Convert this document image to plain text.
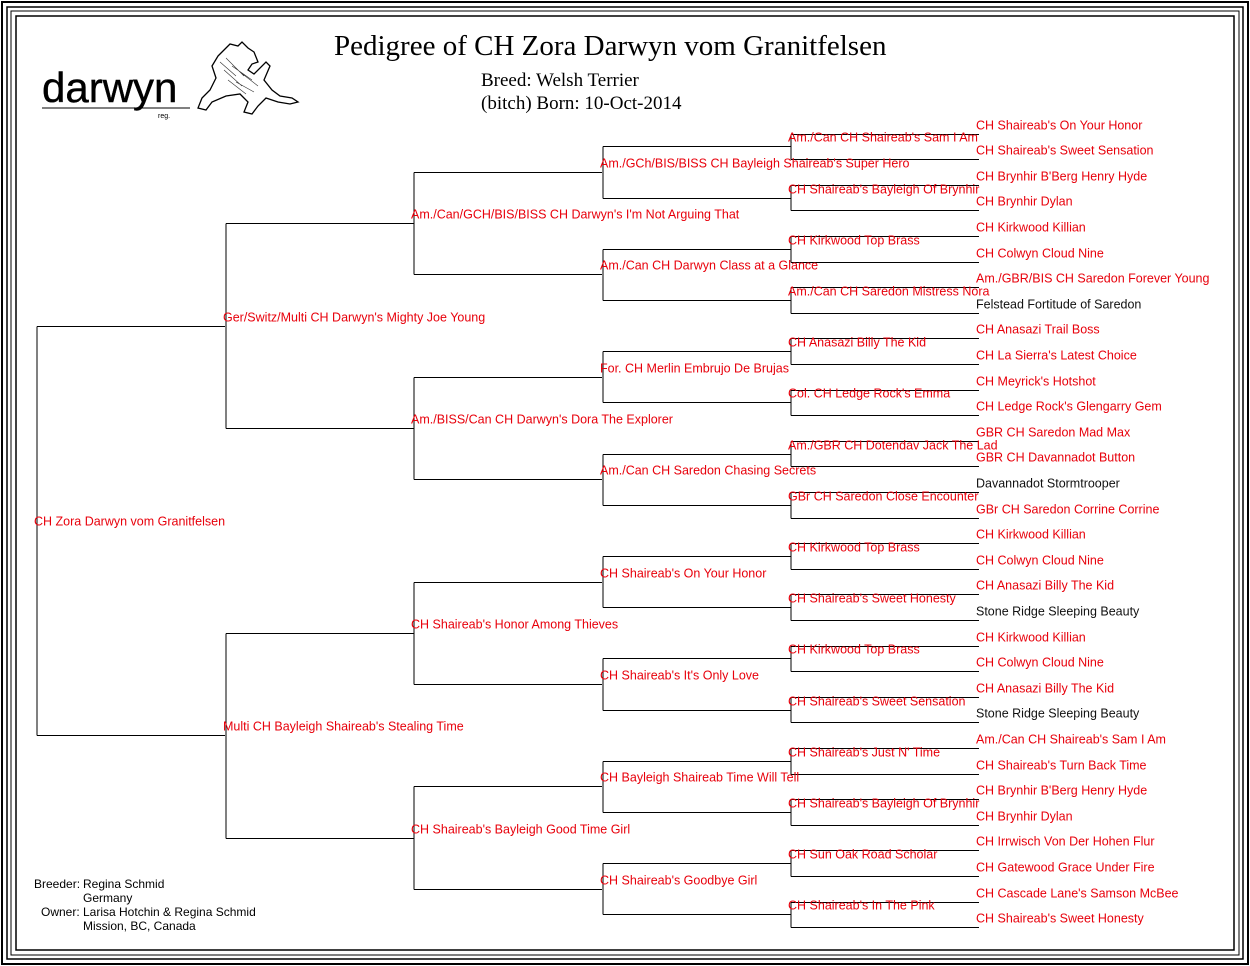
darwyn
reg.
Pedigree of CH Zora Darwyn vom Granitfelsen
Breed: Welsh Terrier
(bitch) Born: 10-Oct-2014
CH Zora Darwyn vom Granitfelsen
Ger/Switz/Multi CH Darwyn's Mighty Joe Young
Multi CH Bayleigh Shaireab's Stealing Time
Am./Can/GCH/BIS/BISS CH Darwyn's I'm Not Arguing That
Am./BISS/Can CH Darwyn's Dora The Explorer
CH Shaireab's Honor Among Thieves
CH Shaireab's Bayleigh Good Time Girl
Am./GCh/BIS/BISS CH Bayleigh Shaireab's Super Hero
Am./Can CH Darwyn Class at a Glance
For. CH Merlin Embrujo De Brujas
Am./Can CH Saredon Chasing Secrets
CH Shaireab's On Your Honor
CH Shaireab's It's Only Love
CH Bayleigh Shaireab Time Will Tell
CH Shaireab's Goodbye Girl
Am./Can CH Shaireab's Sam I Am
CH Shaireab's Bayleigh Of Brynhir
CH Kirkwood Top Brass
Am./Can CH Saredon Mistress Nora
CH Anasazi Billy The Kid
Col. CH Ledge Rock's Emma
Am./GBR CH Dotendav Jack The Lad
GBr CH Saredon Close Encounter
CH Kirkwood Top Brass
CH Shaireab's Sweet Honesty
CH Kirkwood Top Brass
CH Shaireab's Sweet Sensation
CH Shaireab's Just N' Time
CH Shaireab's Bayleigh Of Brynhir
CH Sun Oak Road Scholar
CH Shaireab's In The Pink
CH Shaireab's On Your Honor
CH Shaireab's Sweet Sensation
CH Brynhir B'Berg Henry Hyde
CH Brynhir Dylan
CH Kirkwood Killian
CH Colwyn Cloud Nine
Am./GBR/BIS CH Saredon Forever Young
Felstead Fortitude of Saredon
CH Anasazi Trail Boss
CH La Sierra's Latest Choice
CH Meyrick's Hotshot
CH Ledge Rock's Glengarry Gem
GBR CH Saredon Mad Max
GBR CH Davannadot Button
Davannadot Stormtrooper
GBr CH Saredon Corrine Corrine
CH Kirkwood Killian
CH Colwyn Cloud Nine
CH Anasazi Billy The Kid
Stone Ridge Sleeping Beauty
CH Kirkwood Killian
CH Colwyn Cloud Nine
CH Anasazi Billy The Kid
Stone Ridge Sleeping Beauty
Am./Can CH Shaireab's Sam I Am
CH Shaireab's Turn Back Time
CH Brynhir B'Berg Henry Hyde
CH Brynhir Dylan
CH Irrwisch Von Der Hohen Flur
CH Gatewood Grace Under Fire
CH Cascade Lane's Samson McBee
CH Shaireab's Sweet Honesty
Breeder: Regina Schmid
Germany
Owner: Larisa Hotchin & Regina Schmid
Mission, BC, Canada
